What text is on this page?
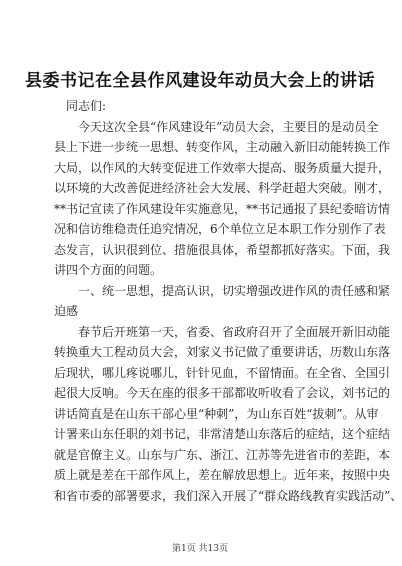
县委书记在全县作风建设年动员大会上的讲话
同志们:
今天这次全县“作风建设年”动员大会，主要目的是动员全
县上下进一步统一思想、转变作风，主动融入新旧动能转换工作
大局，以作风的大转变促进工作效率大提高、服务质量大提升，
以环境的大改善促进经济社会大发展、科学赶超大突破。刚才，
**书记宣读了作风建设年实施意见，**书记通报了县纪委暗访情
况和信访维稳责任追究情况，6个单位立足本职工作分别作了表
态发言，认识很到位、措施很具体，希望都抓好落实。下面，我
讲四个方面的问题。
一、统一思想，提高认识，切实增强改进作风的责任感和紧
迫感
春节后开班第一天，省委、省政府召开了全面展开新旧动能
转换重大工程动员大会，刘家义书记做了重要讲话，历数山东落
后现状，哪儿疼说哪儿，针针见血，不留情面。在全省、全国引
起很大反响。今天在座的很多干部都收听收看了会议，刘书记的
讲话简直是在山东干部心里“种刺”，为山东百姓“拔刺”。从审
计署来山东任职的刘书记，非常清楚山东落后的症结，这个症结
就是官僚主义。山东与广东、浙江、江苏等先进省市的差距，本
质上就是差在干部作风上，差在解放思想上。近年来，按照中央
和省市委的部署要求，我们深入开展了“群众路线教育实践活动”、
第1页 共13页
